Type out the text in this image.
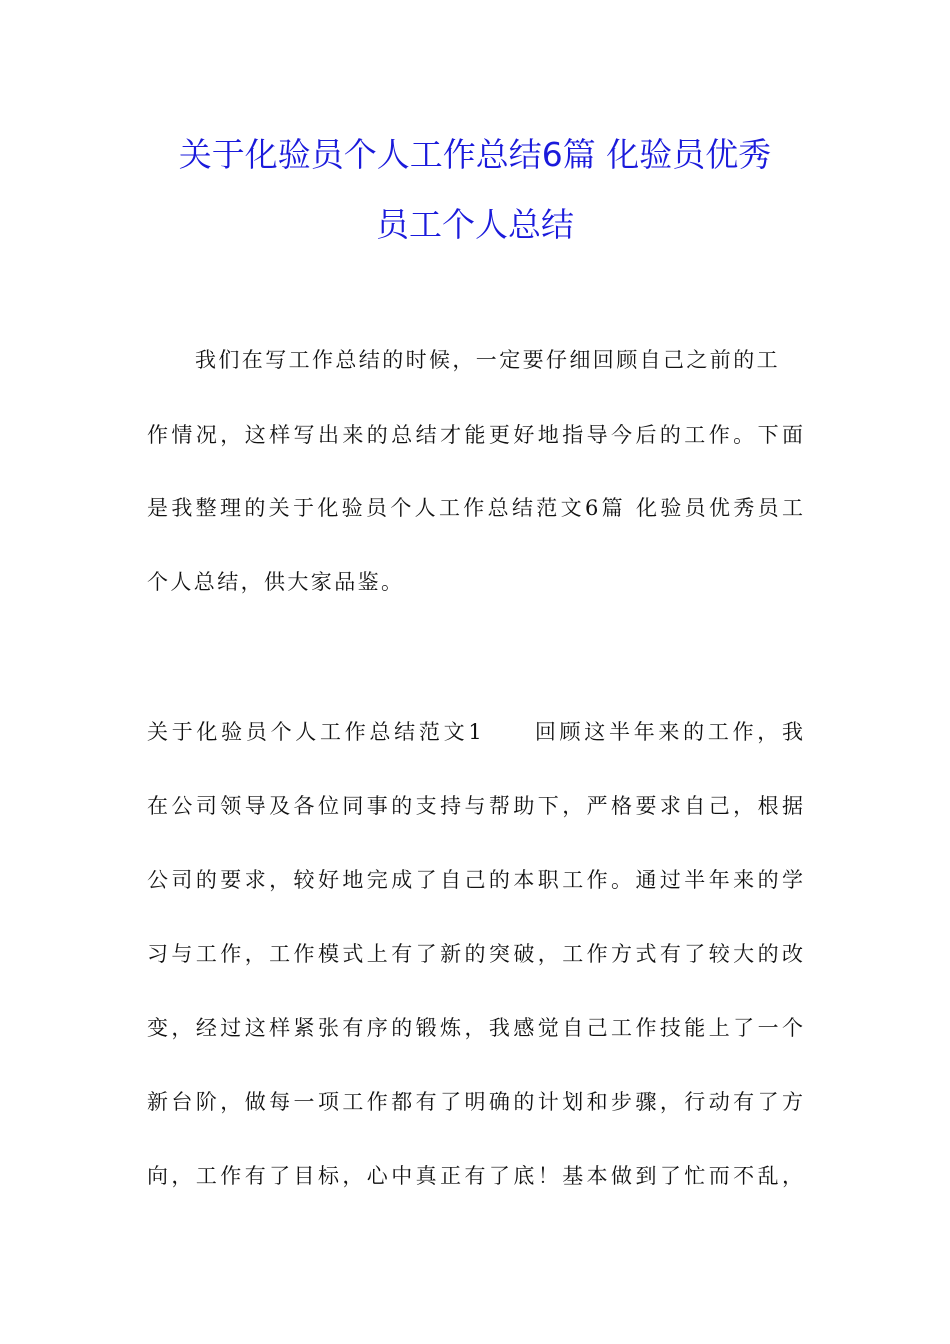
关于化验员个人工作总结6篇 化验员优秀
员工个人总结
我们在写工作总结的时候，一定要仔细回顾自己之前的工
作情况，这样写出来的总结才能更好地指导今后的工作。下面
是我整理的关于化验员个人工作总结范文6篇 化验员优秀员工
个人总结，供大家品鉴。
关于化验员个人工作总结范文1　　回顾这半年来的工作，我
在公司领导及各位同事的支持与帮助下，严格要求自己，根据
公司的要求，较好地完成了自己的本职工作。通过半年来的学
习与工作，工作模式上有了新的突破，工作方式有了较大的改
变，经过这样紧张有序的锻炼，我感觉自己工作技能上了一个
新台阶，做每一项工作都有了明确的计划和步骤，行动有了方
向，工作有了目标，心中真正有了底！基本做到了忙而不乱，
